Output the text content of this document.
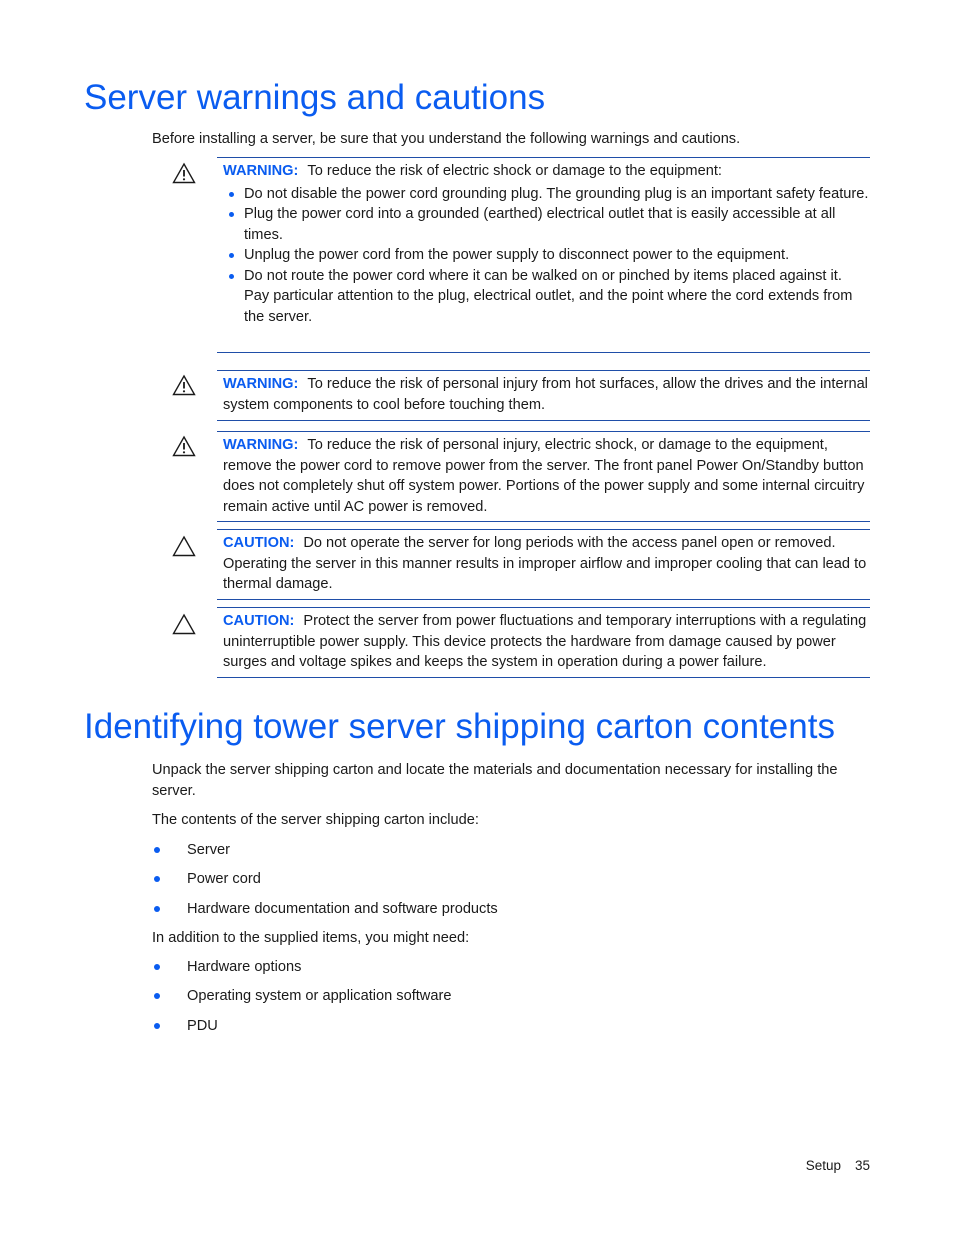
Server warnings and cautions

Before installing a server, be sure that you understand the following warnings and cautions.

WARNING: To reduce the risk of electric shock or damage to the equipment:
Do not disable the power cord grounding plug. The grounding plug is an important safety feature.
Plug the power cord into a grounded (earthed) electrical outlet that is easily accessible at all times.
Unplug the power cord from the power supply to disconnect power to the equipment.
Do not route the power cord where it can be walked on or pinched by items placed against it. Pay particular attention to the plug, electrical outlet, and the point where the cord extends from the server.
WARNING: To reduce the risk of personal injury from hot surfaces, allow the drives and the internal system components to cool before touching them.
WARNING: To reduce the risk of personal injury, electric shock, or damage to the equipment, remove the power cord to remove power from the server. The front panel Power On/Standby button does not completely shut off system power. Portions of the power supply and some internal circuitry remain active until AC power is removed.
CAUTION: Do not operate the server for long periods with the access panel open or removed. Operating the server in this manner results in improper airflow and improper cooling that can lead to thermal damage.
CAUTION: Protect the server from power fluctuations and temporary interruptions with a regulating uninterruptible power supply. This device protects the hardware from damage caused by power surges and voltage spikes and keeps the system in operation during a power failure.
Identifying tower server shipping carton contents

Unpack the server shipping carton and locate the materials and documentation necessary for installing the server.

The contents of the server shipping carton include:

Server
Power cord
Hardware documentation and software products

In addition to the supplied items, you might need:

Hardware options
Operating system or application software
PDU
Setup 35
